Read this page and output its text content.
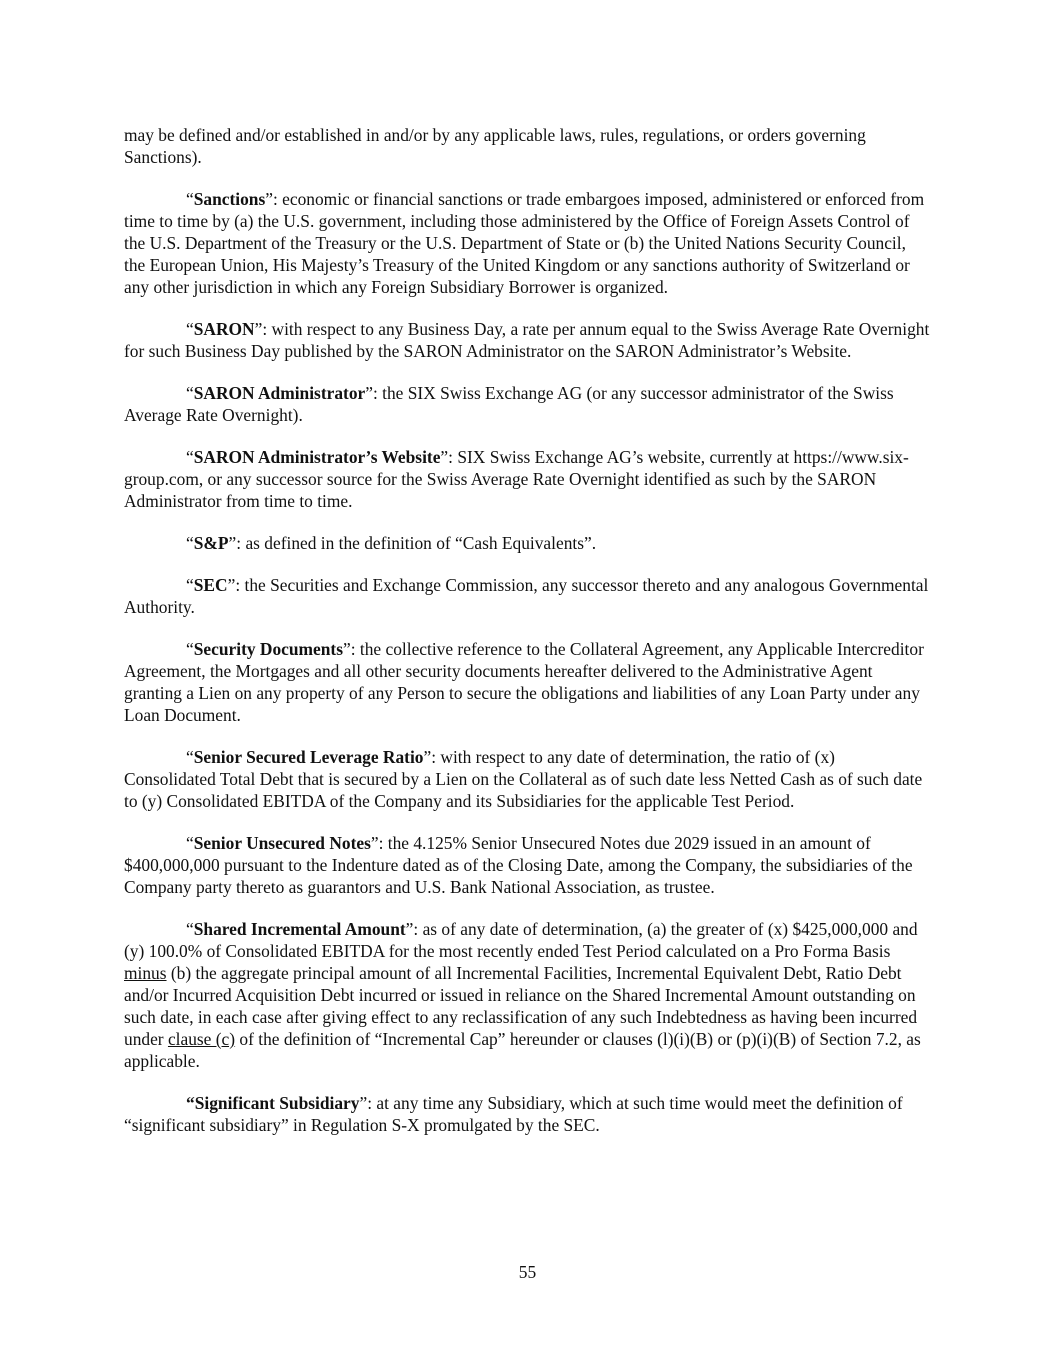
may be defined and/or established in and/or by any applicable laws, rules, regulations, or orders governing Sanctions).

“Sanctions”: economic or financial sanctions or trade embargoes imposed, administered or enforced from time to time by (a) the U.S. government, including those administered by the Office of Foreign Assets Control of the U.S. Department of the Treasury or the U.S. Department of State or (b) the United Nations Security Council, the European Union, His Majesty’s Treasury of the United Kingdom or any sanctions authority of Switzerland or any other jurisdiction in which any Foreign Subsidiary Borrower is organized.

“SARON”: with respect to any Business Day, a rate per annum equal to the Swiss Average Rate Overnight for such Business Day published by the SARON Administrator on the SARON Administrator’s Website.

“SARON Administrator”: the SIX Swiss Exchange AG (or any successor administrator of the Swiss Average Rate Overnight).

“SARON Administrator’s Website”: SIX Swiss Exchange AG’s website, currently at https://www.six-group.com, or any successor source for the Swiss Average Rate Overnight identified as such by the SARON Administrator from time to time.

“S&P”: as defined in the definition of “Cash Equivalents”.

“SEC”: the Securities and Exchange Commission, any successor thereto and any analogous Governmental Authority.

“Security Documents”: the collective reference to the Collateral Agreement, any Applicable Intercreditor Agreement, the Mortgages and all other security documents hereafter delivered to the Administrative Agent granting a Lien on any property of any Person to secure the obligations and liabilities of any Loan Party under any Loan Document.

“Senior Secured Leverage Ratio”: with respect to any date of determination, the ratio of (x) Consolidated Total Debt that is secured by a Lien on the Collateral as of such date less Netted Cash as of such date to (y) Consolidated EBITDA of the Company and its Subsidiaries for the applicable Test Period.

“Senior Unsecured Notes”: the 4.125% Senior Unsecured Notes due 2029 issued in an amount of $400,000,000 pursuant to the Indenture dated as of the Closing Date, among the Company, the subsidiaries of the Company party thereto as guarantors and U.S. Bank National Association, as trustee.

“Shared Incremental Amount”: as of any date of determination, (a) the greater of (x) $425,000,000 and (y) 100.0% of Consolidated EBITDA for the most recently ended Test Period calculated on a Pro Forma Basis minus (b) the aggregate principal amount of all Incremental Facilities, Incremental Equivalent Debt, Ratio Debt and/or Incurred Acquisition Debt incurred or issued in reliance on the Shared Incremental Amount outstanding on such date, in each case after giving effect to any reclassification of any such Indebtedness as having been incurred under clause (c) of the definition of “Incremental Cap” hereunder or clauses (l)(i)(B) or (p)(i)(B) of Section 7.2, as applicable.

“Significant Subsidiary”: at any time any Subsidiary, which at such time would meet the definition of “significant subsidiary” in Regulation S-X promulgated by the SEC.

55
